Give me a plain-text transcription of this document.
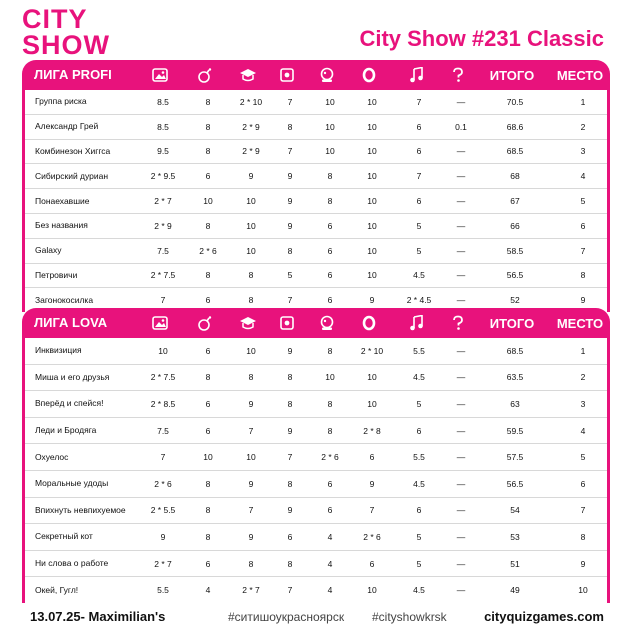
CITY
SHOW	City Show #231 Classic
ЛИГА PROFI	ИТОГО МЕСТО
Группа риска	8.5	8	2 * 10	7	10	10	7	—	70.5	1
Александр Грей	8.5	8	2 * 9	8	10	10	6	0.1	68.6	2
Комбинезон Хиггса	9.5	8	2 * 9	7	10	10	6	—	68.5	3
Сибирский дуриан	2 * 9.5	6	9	9	8	10	7	—	68	4
Понаехавшие	2 * 7	10	10	9	8	10	6	—	67	5
Без названия	2 * 9	8	10	9	6	10	5	—	66	6
Galaxy	7.5	2 * 6	10	8	6	10	5	—	58.5	7
Петровичи	2 * 7.5	8	8	5	6	10	4.5	—	56.5	8
Загонокосилка	7	6	8	7	6	9	2 * 4.5	—	52	9
ЛИГА LOVA	ИТОГО МЕСТО
Инквизиция	10	6	10	9	8	2 * 10	5.5	—	68.5	1
Миша и его друзья	2 * 7.5	8	8	8	10	10	4.5	—	63.5	2
Вперёд и спейся!	2 * 8.5	6	9	8	8	10	5	—	63	3
Леди и Бродяга	7.5	6	7	9	8	2 * 8	6	—	59.5	4
Охуелос	7	10	10	7	2 * 6	6	5.5	—	57.5	5
Моральные удоды	2 * 6	8	9	8	6	9	4.5	—	56.5	6
Впихнуть невпихуемое	2 * 5.5	8	7	9	6	7	6	—	54	7
Секретный кот	9	8	9	6	4	2 * 6	5	—	53	8
Ни слова о работе	2 * 7	6	8	8	4	6	5	—	51	9
Окей, Гугл!	5.5	4	2 * 7	7	4	10	4.5	—	49	10
13.07.25- Maximilian's	#ситишоукрасноярск #cityshowkrsk	cityquizgames.com
